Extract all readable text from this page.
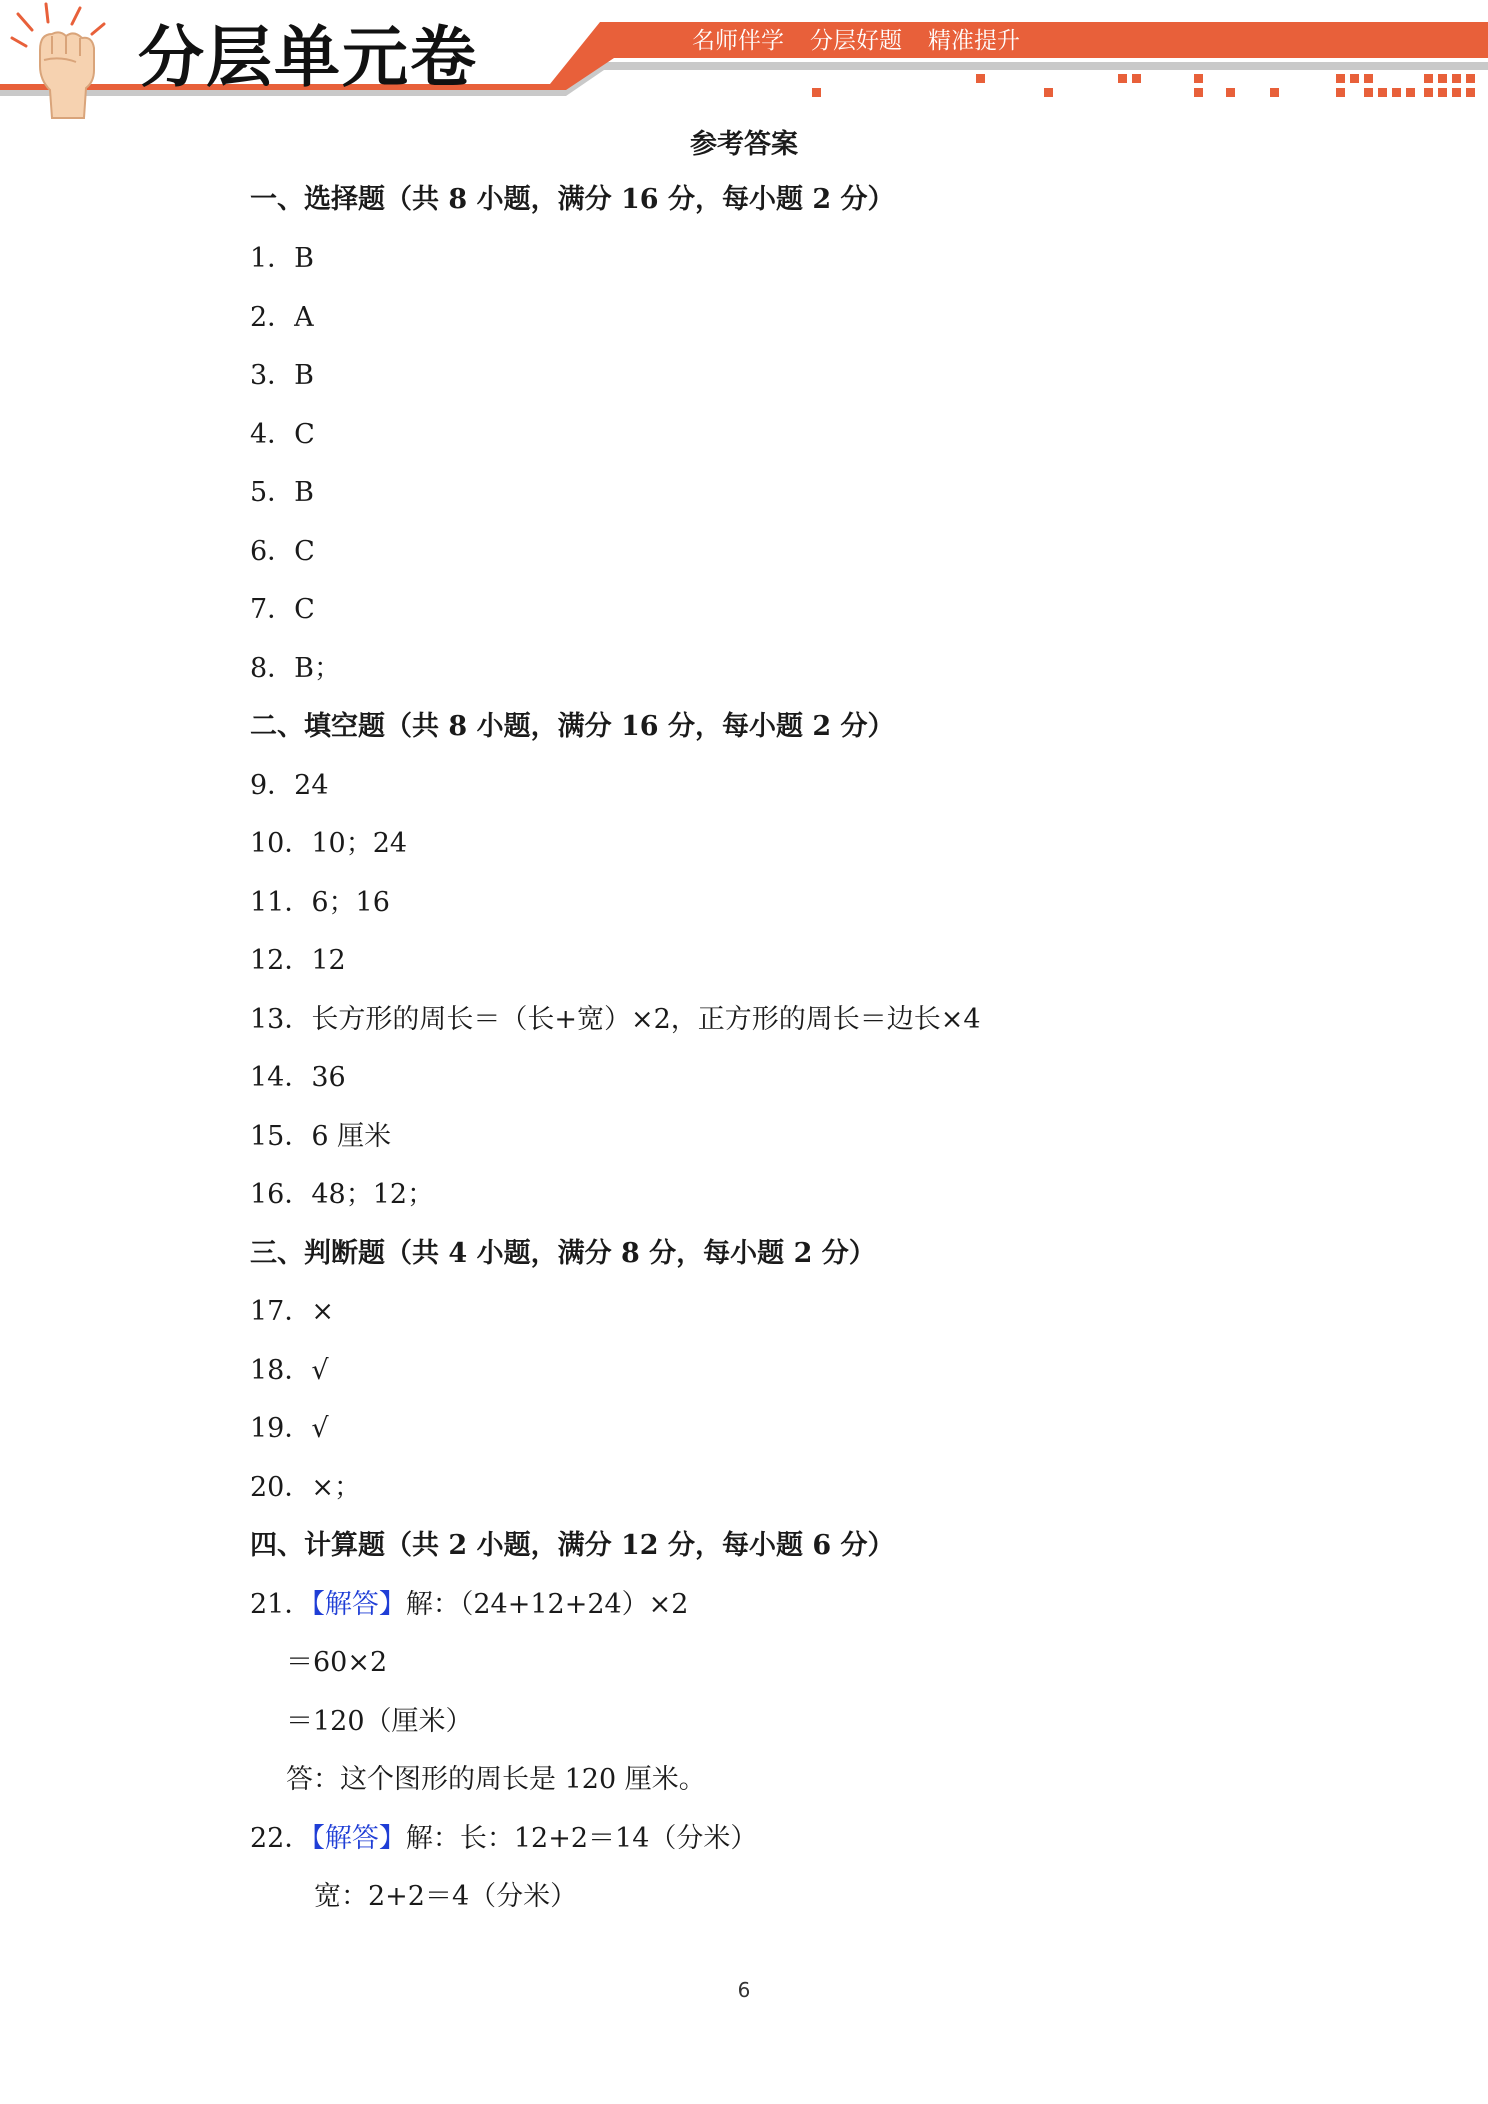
分层单元卷	名师伴学 分层好题 精准提升
参考答案
一、选择题（共 8 小题，满分 16 分，每小题 2 分）
1．B
2．A
3．B
4．C
5．B
6．C
7．C
8．B；
二、填空题（共 8 小题，满分 16 分，每小题 2 分）
9．24
10．10；24
11．6；16
12．12
13．长方形的周长＝（长+宽）×2，正方形的周长＝边长×4
14．36
15．6 厘米
16．48；12；
三、判断题（共 4 小题，满分 8 分，每小题 2 分）
17．×
18．√
19．√
20．×；
四、计算题（共 2 小题，满分 12 分，每小题 6 分）
21．【解答】解：（24+12+24）×2
＝60×2
＝120（厘米）
答：这个图形的周长是 120 厘米。
22．【解答】解：长：12+2＝14（分米）
宽：2+2＝4（分米）
6
